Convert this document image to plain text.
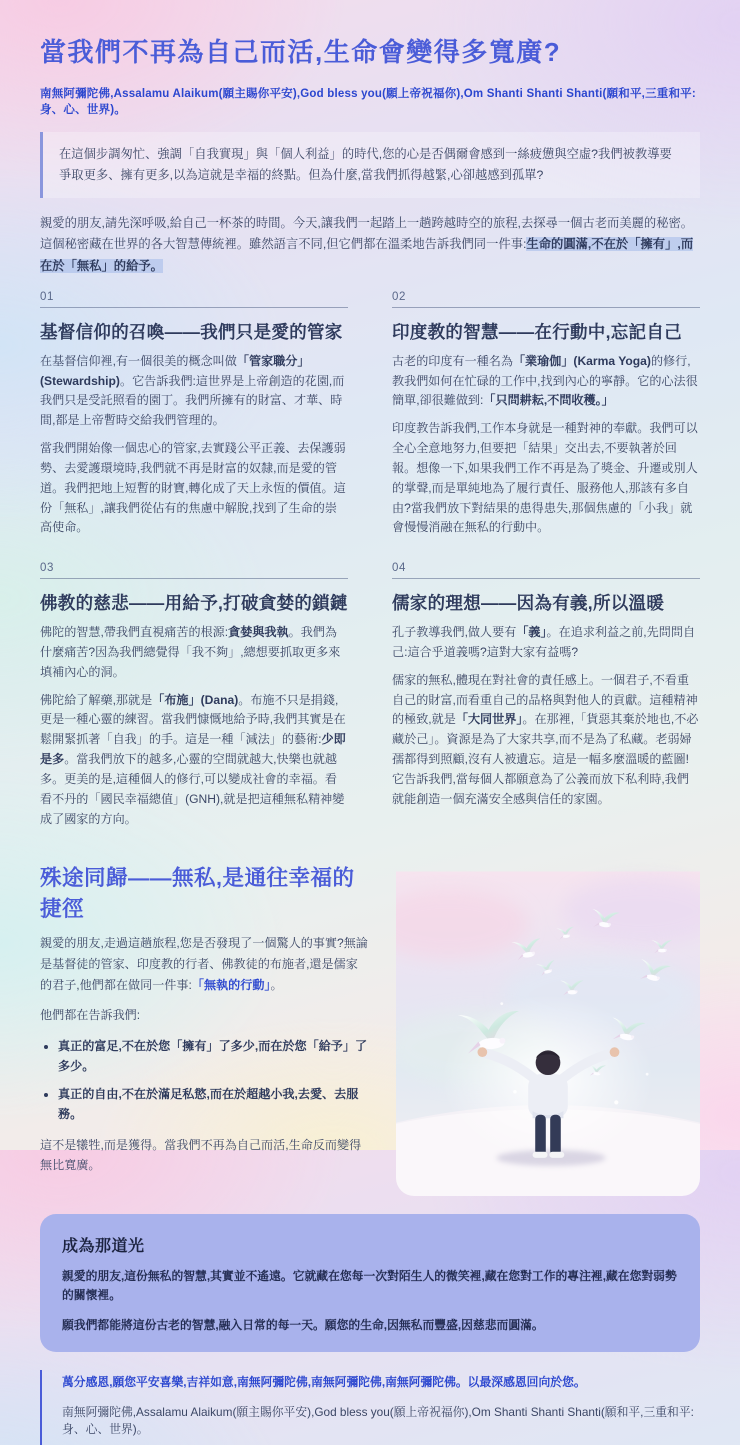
當我們不再為自己而活,生命會變得多寬廣?
南無阿彌陀佛,Assalamu Alaikum(願主賜你平安),God bless you(願上帝祝福你),Om Shanti Shanti Shanti(願和平,三重和平:身、心、世界)。
在這個步調匆忙、強調「自我實現」與「個人利益」的時代,您的心是否偶爾會感到一絲疲憊與空虛?我們被教導要爭取更多、擁有更多,以為這就是幸福的終點。但為什麼,當我們抓得越緊,心卻越感到孤單?

親愛的朋友,請先深呼吸,給自己一杯茶的時間。今天,讓我們一起踏上一趟跨越時空的旅程,去探尋一個古老而美麗的秘密。這個秘密藏在世界的各大智慧傳統裡。雖然語言不同,但它們都在溫柔地告訴我們同一件事:生命的圓滿,不在於「擁有」,而在於「無私」的給予。

01
基督信仰的召喚——我們只是愛的管家

在基督信仰裡,有一個很美的概念叫做「管家職分」(Stewardship)。它告訴我們:這世界是上帝創造的花園,而我們只是受託照看的園丁。我們所擁有的財富、才華、時間,都是上帝暫時交給我們管理的。

當我們開始像一個忠心的管家,去實踐公平正義、去保護弱勢、去愛護環境時,我們就不再是財富的奴隸,而是愛的管道。我們把地上短暫的財寶,轉化成了天上永恆的價值。這份「無私」,讓我們從佔有的焦慮中解脫,找到了生命的崇高使命。

02
印度教的智慧——在行動中,忘記自己

古老的印度有一種名為「業瑜伽」(Karma Yoga)的修行,教我們如何在忙碌的工作中,找到內心的寧靜。它的心法很簡單,卻很難做到:「只問耕耘,不問收穫。」

印度教告訴我們,工作本身就是一種對神的奉獻。我們可以全心全意地努力,但要把「結果」交出去,不要執著於回報。想像一下,如果我們工作不再是為了獎金、升遷或別人的掌聲,而是單純地為了履行責任、服務他人,那該有多自由?當我們放下對結果的患得患失,那個焦慮的「小我」就會慢慢消融在無私的行動中。

03
佛教的慈悲——用給予,打破貪婪的鎖鏈

佛陀的智慧,帶我們直視痛苦的根源:貪婪與我執。我們為什麼痛苦?因為我們總覺得「我不夠」,總想要抓取更多來填補內心的洞。

佛陀給了解藥,那就是「布施」(Dana)。布施不只是捐錢,更是一種心靈的練習。當我們慷慨地給予時,我們其實是在鬆開緊抓著「自我」的手。這是一種「減法」的藝術:少即是多。當我們放下的越多,心靈的空間就越大,快樂也就越多。更美的是,這種個人的修行,可以變成社會的幸福。看看不丹的「國民幸福總值」(GNH),就是把這種無私精神變成了國家的方向。

04
儒家的理想——因為有義,所以溫暖

孔子教導我們,做人要有「義」。在追求利益之前,先問問自己:這合乎道義嗎?這對大家有益嗎?

儒家的無私,體現在對社會的責任感上。一個君子,不看重自己的財富,而看重自己的品格與對他人的貢獻。這種精神的極致,就是「大同世界」。在那裡,「貨惡其棄於地也,不必藏於己」。資源是為了大家共享,而不是為了私藏。老弱婦孺都得到照顧,沒有人被遺忘。這是一幅多麼溫暖的藍圖!它告訴我們,當每個人都願意為了公義而放下私利時,我們就能創造一個充滿安全感與信任的家園。

殊途同歸——無私,是通往幸福的捷徑

親愛的朋友,走過這趟旅程,您是否發現了一個驚人的事實?無論是基督徒的管家、印度教的行者、佛教徒的布施者,還是儒家的君子,他們都在做同一件事:「無執的行動」。

他們都在告訴我們:

• 真正的富足,不在於您「擁有」了多少,而在於您「給予」了多少。
• 真正的自由,不在於滿足私慾,而在於超越小我,去愛、去服務。

這不是犧牲,而是獲得。當我們不再為自己而活,生命反而變得無比寬廣。

成為那道光

親愛的朋友,這份無私的智慧,其實並不遙遠。它就藏在您每一次對陌生人的微笑裡,藏在您對工作的專注裡,藏在您對弱勢的關懷裡。

願我們都能將這份古老的智慧,融入日常的每一天。願您的生命,因無私而豐盛,因慈悲而圓滿。

萬分感恩,願您平安喜樂,吉祥如意,南無阿彌陀佛,南無阿彌陀佛,南無阿彌陀佛。以最深感恩回向於您。
南無阿彌陀佛,Assalamu Alaikum(願主賜你平安),God bless you(願上帝祝福你),Om Shanti Shanti Shanti(願和平,三重和平:身、心、世界)。
